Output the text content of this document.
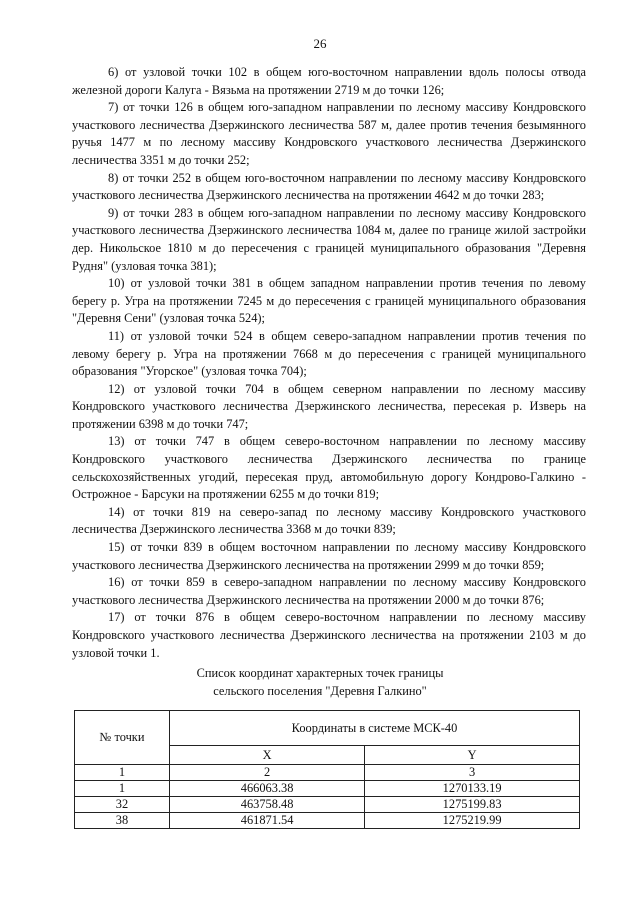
26

6) от узловой точки 102 в общем юго-восточном направлении вдоль полосы отвода железной дороги Калуга - Вязьма на протяжении 2719 м до точки 126;

7) от точки 126 в общем юго-западном направлении по лесному массиву Кондровского участкового лесничества Дзержинского лесничества 587 м, далее против течения безымянного ручья 1477 м по лесному массиву Кондровского участкового лесничества Дзержинского лесничества 3351 м до точки 252;

8) от точки 252 в общем юго-восточном направлении по лесному массиву Кондровского участкового лесничества Дзержинского лесничества на протяжении 4642 м до точки 283;

9) от точки 283 в общем юго-западном направлении по лесному массиву Кондровского участкового лесничества Дзержинского лесничества 1084 м, далее по границе жилой застройки дер. Никольское 1810 м до пересечения с границей муниципального образования "Деревня Рудня" (узловая точка 381);

10) от узловой точки 381 в общем западном направлении против течения по левому берегу р. Угра на протяжении 7245 м до пересечения с границей муниципального образования "Деревня Сени" (узловая точка 524);

11) от узловой точки 524 в общем северо-западном направлении против течения по левому берегу р. Угра на протяжении 7668 м до пересечения с границей муниципального образования "Угорское" (узловая точка 704);

12) от узловой точки 704 в общем северном направлении по лесному массиву Кондровского участкового лесничества Дзержинского лесничества, пересекая р. Изверь на протяжении 6398 м до точки 747;

13) от точки 747 в общем северо-восточном направлении по лесному массиву Кондровского участкового лесничества Дзержинского лесничества по границе сельскохозяйственных угодий, пересекая пруд, автомобильную дорогу Кондрово-Галкино - Острожное - Барсуки на протяжении 6255 м до точки 819;

14) от точки 819 на северо-запад по лесному массиву Кондровского участкового лесничества Дзержинского лесничества 3368 м до точки 839;

15) от точки 839 в общем восточном направлении по лесному массиву Кондровского участкового лесничества Дзержинского лесничества на протяжении 2999 м до точки 859;

16) от точки 859 в северо-западном направлении по лесному массиву Кондровского участкового лесничества Дзержинского лесничества на протяжении 2000 м до точки 876;

17) от точки 876 в общем северо-восточном направлении по лесному массиву Кондровского участкового лесничества Дзержинского лесничества на протяжении 2103 м до узловой точки 1.

Список координат характерных точек границы
сельского поселения "Деревня Галкино"
№ точки	Координаты в системе МСК-40	
	X	Y
1	2	3
1	466063.38	1270133.19
32	463758.48	1275199.83
38	461871.54	1275219.99
